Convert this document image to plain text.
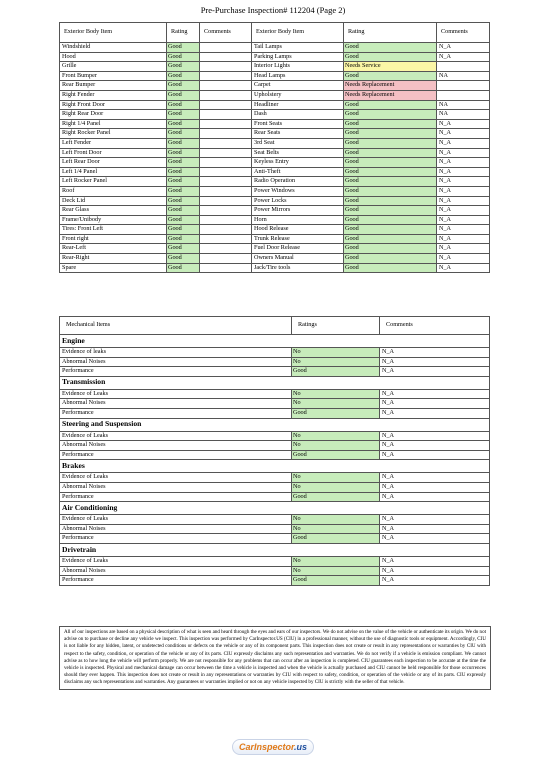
Pre-Purchase Inspection# 112204 (Page 2)
Exterior Body Item	Rating	Comments	Exterior Body Item	Rating	Comments
Windshield	Good		Tail Lamps	Good	N_A
Hood	Good		Parking Lamps	Good	N_A
Grille	Good		Interior Lights	Needs Service	

Front Bumper	Good		Head Lamps	Good	NA
Rear Bumper	Good		Carpet	Needs Replacement	

Right Fender	Good		Upholstery	Needs Replacement	

Right Front Door	Good		Headliner	Good	NA
Right Rear Door	Good		Dash	Good	NA
Right 1/4 Panel	Good		Front Seats	Good	N_A
Right Rocker Panel	Good		Rear Seats	Good	N_A
Left Fender	Good		3rd Seat	Good	N_A
Left Front Door	Good		Seat Belts	Good	N_A
Left Rear Door	Good		Keyless Entry	Good	N_A
Left 1/4 Panel	Good		Anti-Theft	Good	N_A
Left Rocker Panel	Good		Radio Operation	Good	N_A
Roof	Good		Power Windows	Good	N_A
Deck Lid	Good		Power Locks	Good	N_A
Rear Glass	Good		Power Mirrors	Good	N_A
Frame/Unibody	Good		Horn	Good	N_A
Tires: Front Left	Good		Hood Release	Good	N_A
Front right	Good		Trunk Release	Good	N_A
Rear-Left	Good		Fuel Door Release	Good	N_A
Rear-Right	Good		Owners Manual	Good	N_A
Spare	Good		Jack/Tire tools	Good	N_A
Mechanical Items	Ratings	Comments
Engine		
Evidence of leaks	No	N_A
Abnormal Noises	No	N_A
Performance	Good	N_A
Transmission		
Evidence of Leaks	No	N_A
Abnormal Noises	No	N_A
Performance	Good	N_A
Steering and Suspension		
Evidence of Leaks	No	N_A
Abnormal Noises	No	N_A
Performance	Good	N_A
Brakes		
Evidence of Leaks	No	N_A
Abnormal Noises	No	N_A
Performance	Good	N_A
Air Conditioning		
Evidence of Leaks	No	N_A
Abnormal Noises	No	N_A
Performance	Good	N_A
Drivetrain		
Evidence of Leaks	No	N_A
Abnormal Noises	No	N_A
Performance	Good	N_A
All of our inspections are based on a physical description of what is seen and heard through the eyes and ears of our inspectors. We do not advise on the value of the vehicle or authenticate its origin. We do not advise on to purchase or decline any vehicle we inspect. This inspection was performed by CarInspector.US (CIU) in a professional manner, without the use of diagnostic tools or equipment. Accordingly, CIU is not liable for any hidden, latent, or undetected conditions or defects on the vehicle or any of its component parts. This inspection does not create or result in any representations or warranties by CIU with respect to the safety, condition, or operation of the vehicle or any of its parts. CIU expressly disclaims any such representation and warranties. We do not verify if a vehicle is emission compliant. We cannot advise as to how long the vehicle will perform properly. We are not responsible for any problems that can occur after an inspection is completed. CIU guarantees each inspection to be accurate at the time the vehicle is inspected. Physical and mechanical damage can occur between the time a vehicle is inspected and when the vehicle is actually purchased and CIU cannot be held responsible for those occurrences should they ever happen. This inspection does not create or result in any representations or warranties by CIU with respect to safety, condition, or operation of the vehicle or any of its parts. CIU expressly disclaims any such representations and warranties. Any guarantees or warranties implied or not on any vehicle inspected by CIU is strictly with the seller of that vehicle.
CarInspector.us
